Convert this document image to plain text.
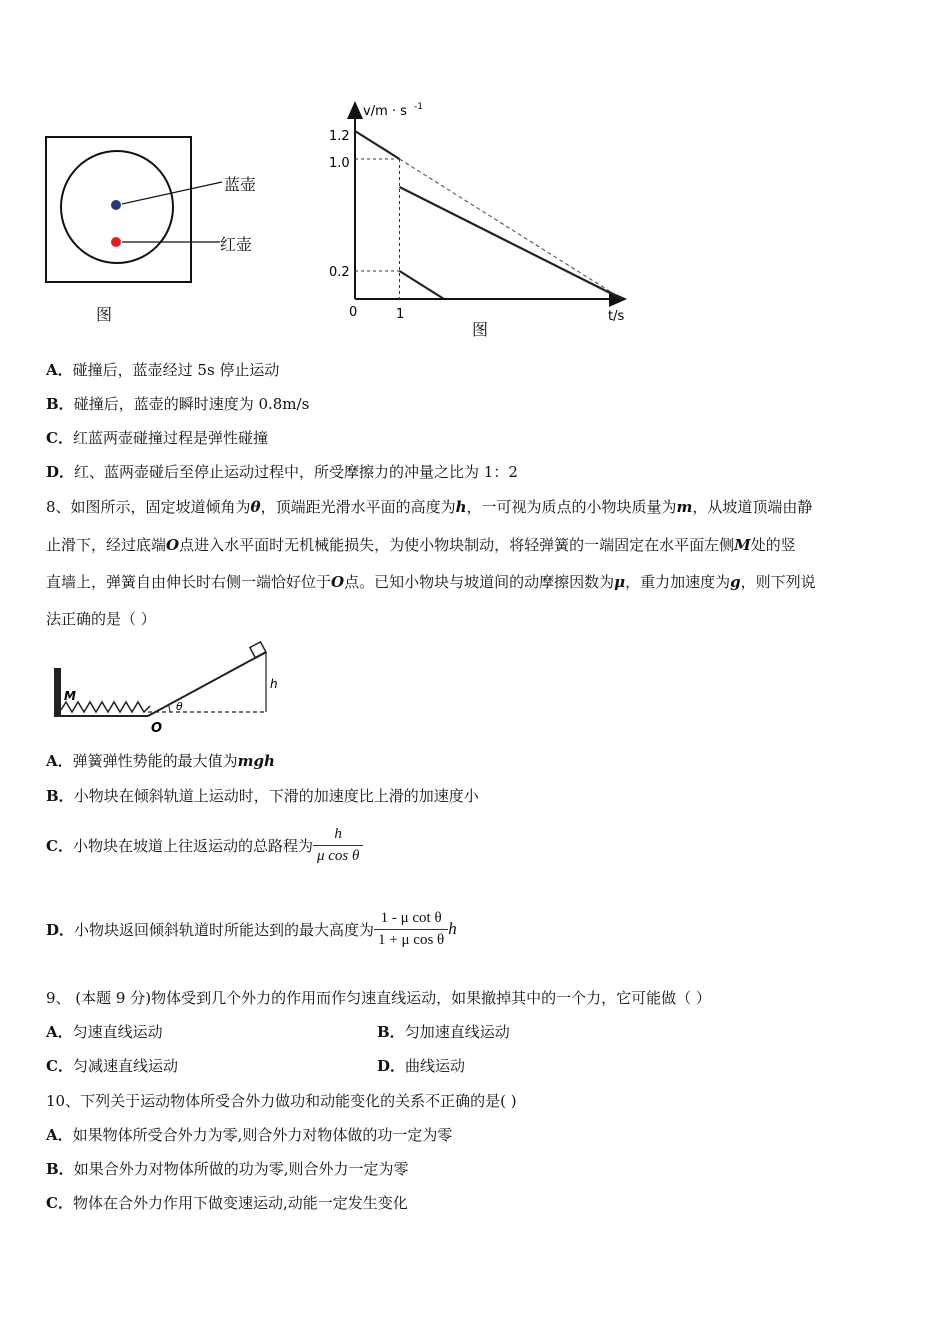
蓝壶
红壶
图
v/m · s -1
t/s
0	1
1.2
1.0
0.2
图
A．碰撞后，蓝壶经过 5s 停止运动
B．碰撞后，蓝壶的瞬时速度为 0.8m/s
C．红蓝两壶碰撞过程是弹性碰撞
D．红、蓝两壶碰后至停止运动过程中，所受摩擦力的冲量之比为 1：2
8、如图所示，固定坡道倾角为θ，顶端距光滑水平面的高度为h，一可视为质点的小物块质量为m，从坡道顶端由静
止滑下，经过底端O点进入水平面时无机械能损失，为使小物块制动，将轻弹簧的一端固定在水平面左侧M处的竖
直墙上，弹簧自由伸长时右侧一端恰好位于O点。已知小物块与坡道间的动摩擦因数为μ，重力加速度为g，则下列说
法正确的是（ ）
M
O
θ
h
A．弹簧弹性势能的最大值为mgh
B．小物块在倾斜轨道上运动时，下滑的加速度比上滑的加速度小
C． 小物块在坡道上往返运动的总路程为 $\frac{h}{\text{μ cos θ}}$
D． 小物块返回倾斜轨道时所能达到的最大高度为 $\frac{\text{1 - μ cot θ}}{\text{1 + μ cos θ}}$ h
9、 (本题 9 分)物体受到几个外力的作用而作匀速直线运动，如果撤掉其中的一个力，它可能做（ ）
A．匀速直线运动	B．匀加速直线运动
C．匀减速直线运动	D．曲线运动
10、下列关于运动物体所受合外力做功和动能变化的关系不正确的是( )
A．如果物体所受合外力为零,则合外力对物体做的功一定为零
B．如果合外力对物体所做的功为零,则合外力一定为零
C．物体在合外力作用下做变速运动,动能一定发生变化
